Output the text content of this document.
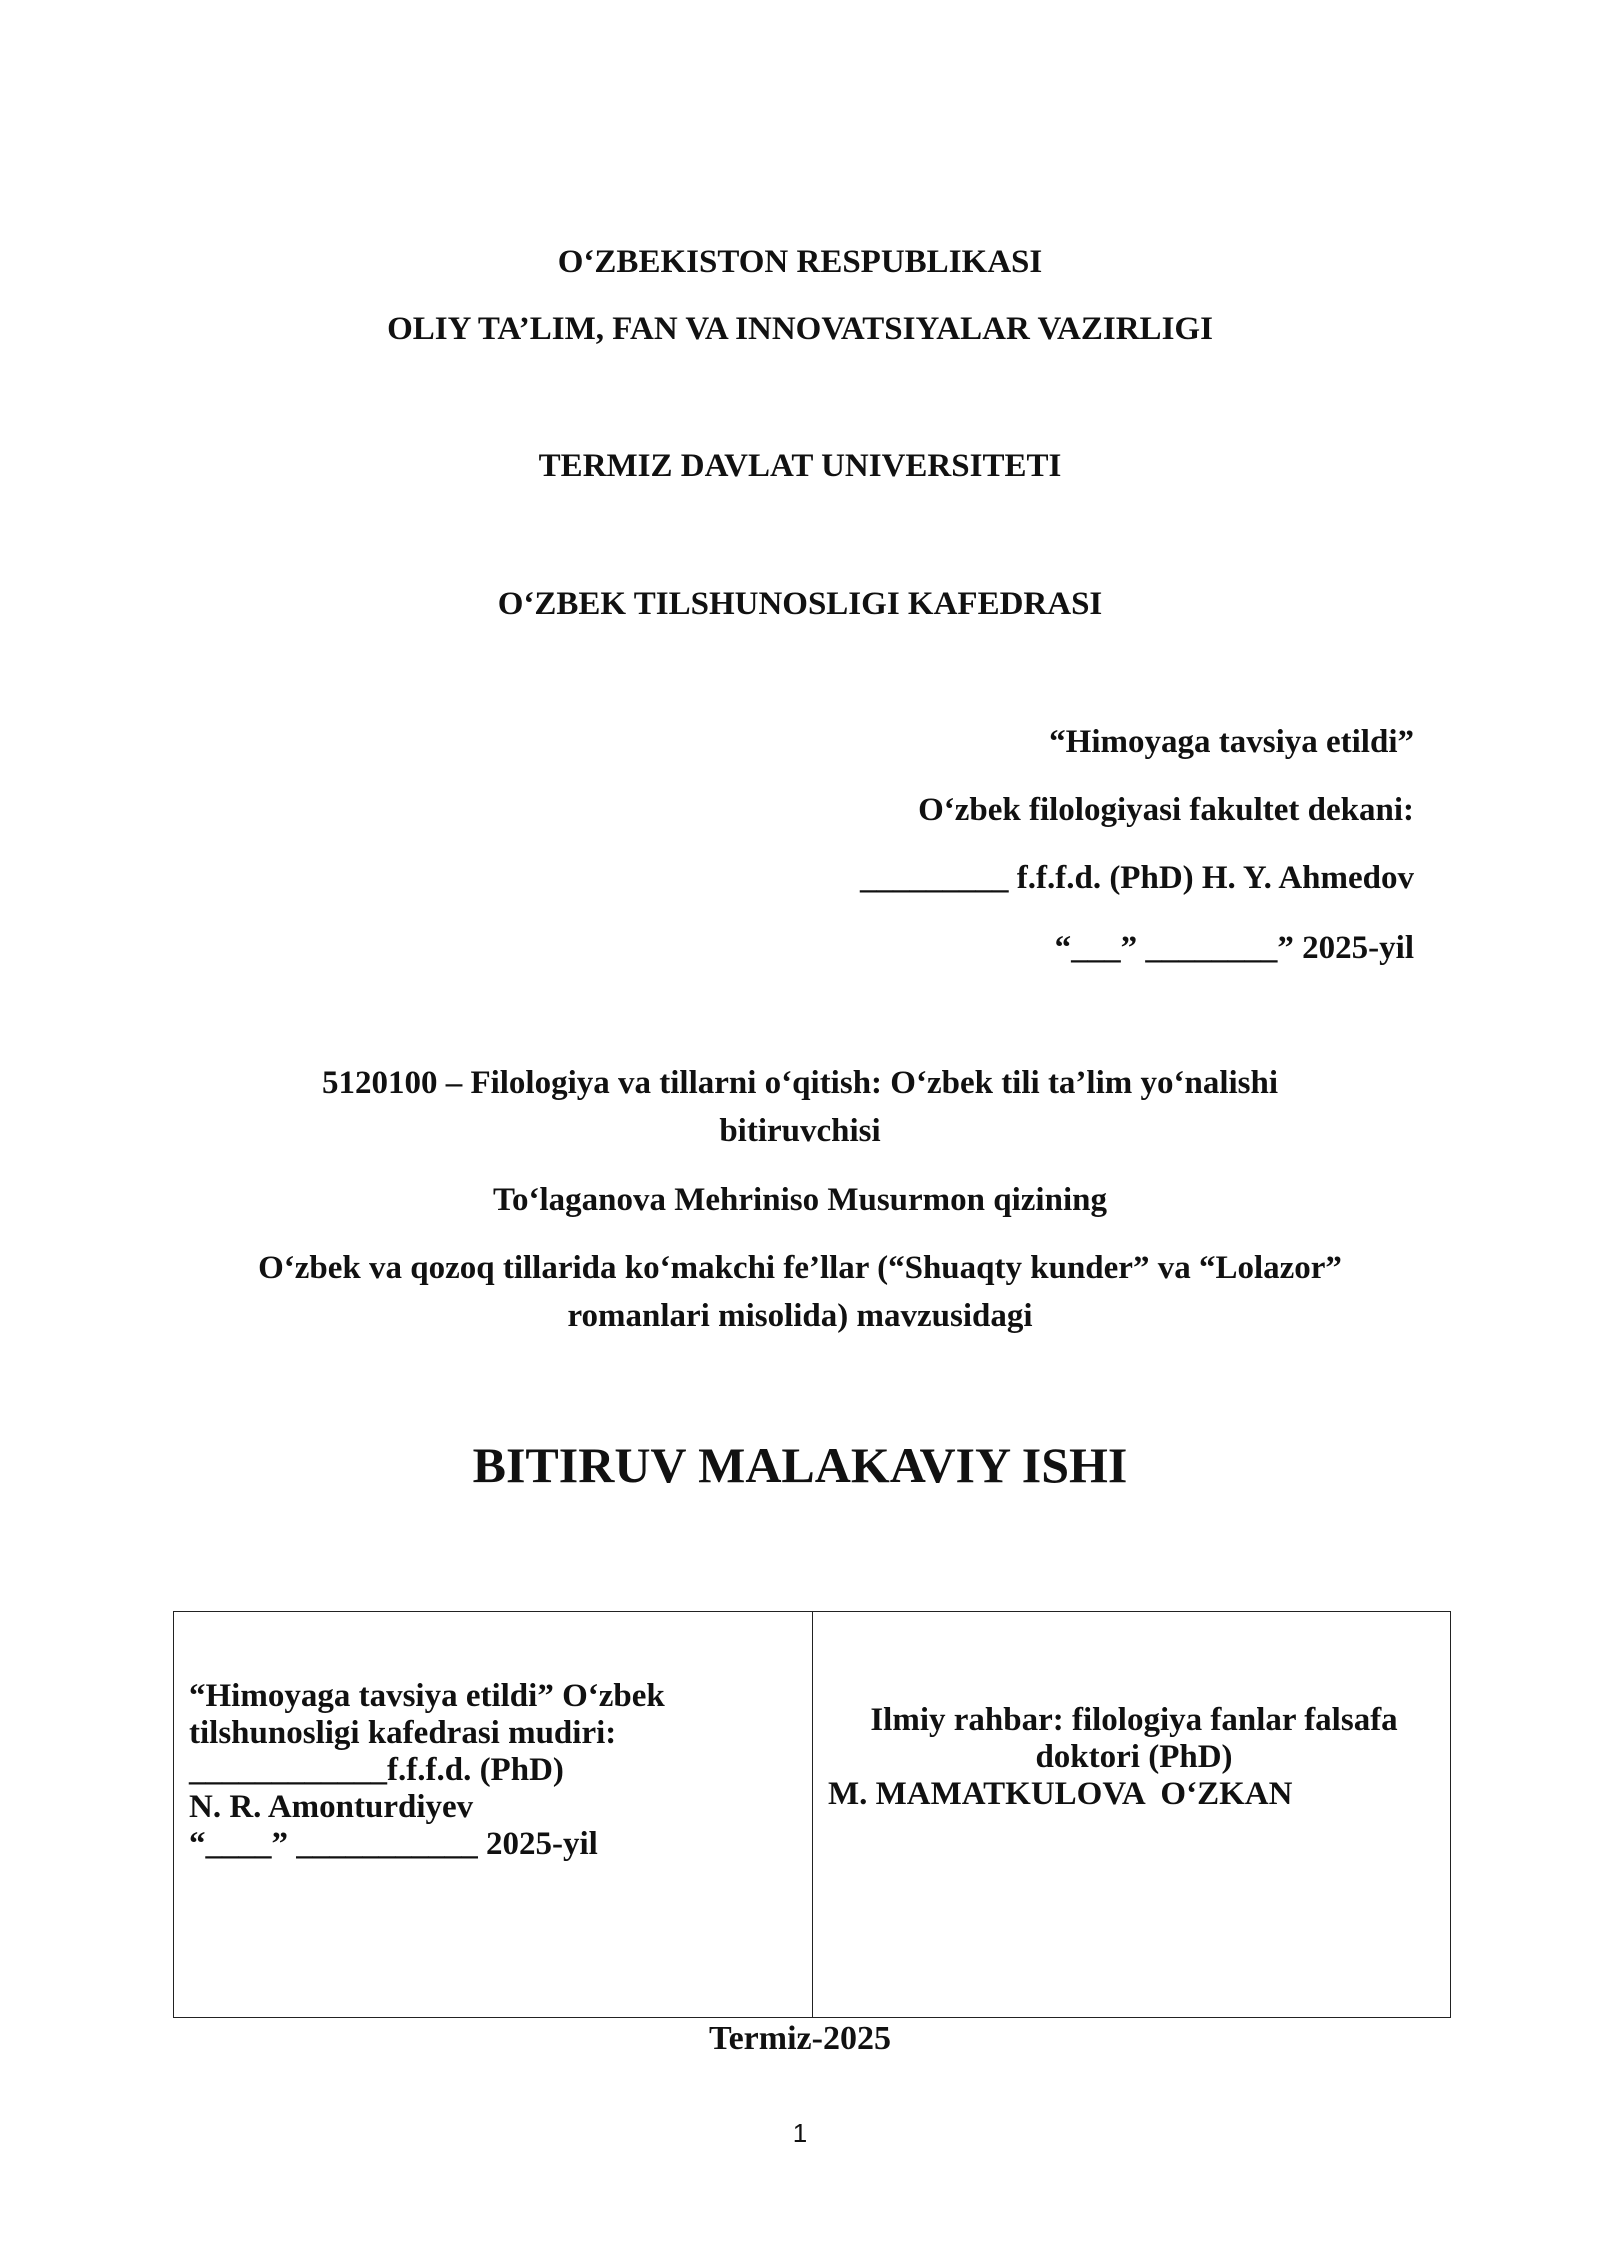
O‘ZBEKISTON RESPUBLIKASI
OLIY TA’LIM, FAN VA INNOVATSIYALAR VAZIRLIGI
TERMIZ DAVLAT UNIVERSITETI
O‘ZBEK TILSHUNOSLIGI KAFEDRASI
“Himoyaga tavsiya etildi”
O‘zbek filologiyasi fakultet dekani:
_________ f.f.f.d. (PhD) H. Y. Ahmedov
“___” ________” 2025-yil
5120100 – Filologiya va tillarni o‘qitish: O‘zbek tili ta’lim yo‘nalishi
bitiruvchisi
To‘laganova Mehriniso Musurmon qizining
O‘zbek va qozoq tillarida ko‘makchi fe’llar (“Shuaqty kunder” va “Lolazor”
romanlari misolida) mavzusidagi
BITIRUV MALAKAVIY ISHI
“Himoyaga tavsiya etildi” O‘zbek
tilshunosligi kafedrasi mudiri:
____________f.f.f.d. (PhD)
N. R. Amonturdiyev
“____” ___________ 2025-yil
Ilmiy rahbar: filologiya fanlar falsafa
doktori (PhD)
M. MAMATKULOVA  O‘ZKAN
Termiz-2025
1
